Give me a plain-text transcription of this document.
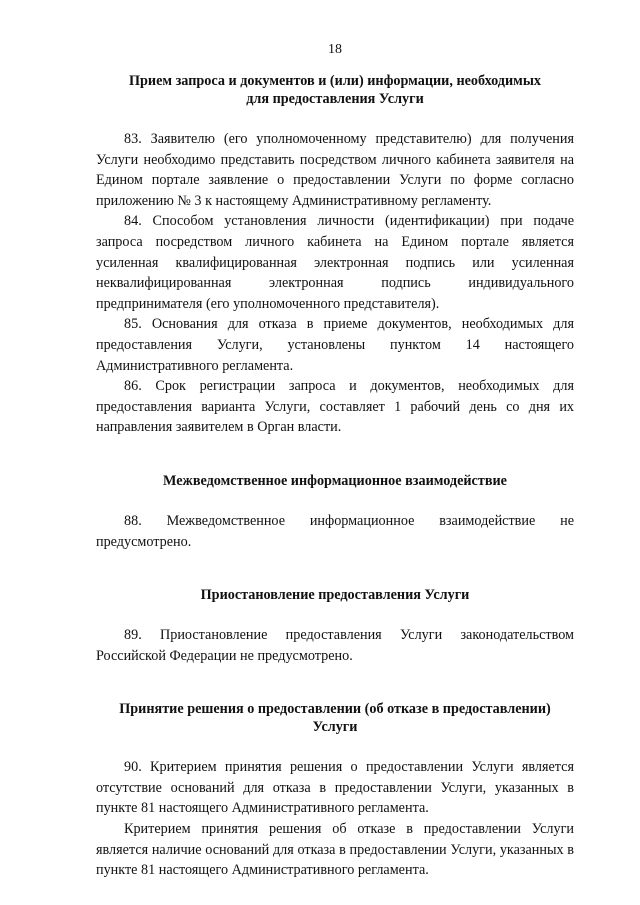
18
Прием запроса и документов и (или) информации, необходимых
для предоставления Услуги

83. Заявителю (его уполномоченному представителю) для получения Услуги необходимо представить посредством личного кабинета заявителя на Едином портале заявление о предоставлении Услуги по форме согласно приложению № 3 к настоящему Административному регламенту.

84. Способом установления личности (идентификации) при подаче запроса посредством личного кабинета на Едином портале является усиленная квалифицированная электронная подпись или усиленная неквалифицированная электронная подпись индивидуального предпринимателя (его уполномоченного представителя).

85. Основания для отказа в приеме документов, необходимых для предоставления Услуги, установлены пунктом 14 настоящего Административного регламента.

86. Срок регистрации запроса и документов, необходимых для предоставления варианта Услуги, составляет 1 рабочий день со дня их направления заявителем в Орган власти.

Межведомственное информационное взаимодействие

88. Межведомственное информационное взаимодействие не предусмотрено.

Приостановление предоставления Услуги

89. Приостановление предоставления Услуги законодательством Российской Федерации не предусмотрено.

Принятие решения о предоставлении (об отказе в предоставлении)
Услуги

90. Критерием принятия решения о предоставлении Услуги является отсутствие оснований для отказа в предоставлении Услуги, указанных в пункте 81 настоящего Административного регламента.

Критерием принятия решения об отказе в предоставлении Услуги является наличие оснований для отказа в предоставлении Услуги, указанных в пункте 81 настоящего Административного регламента.
